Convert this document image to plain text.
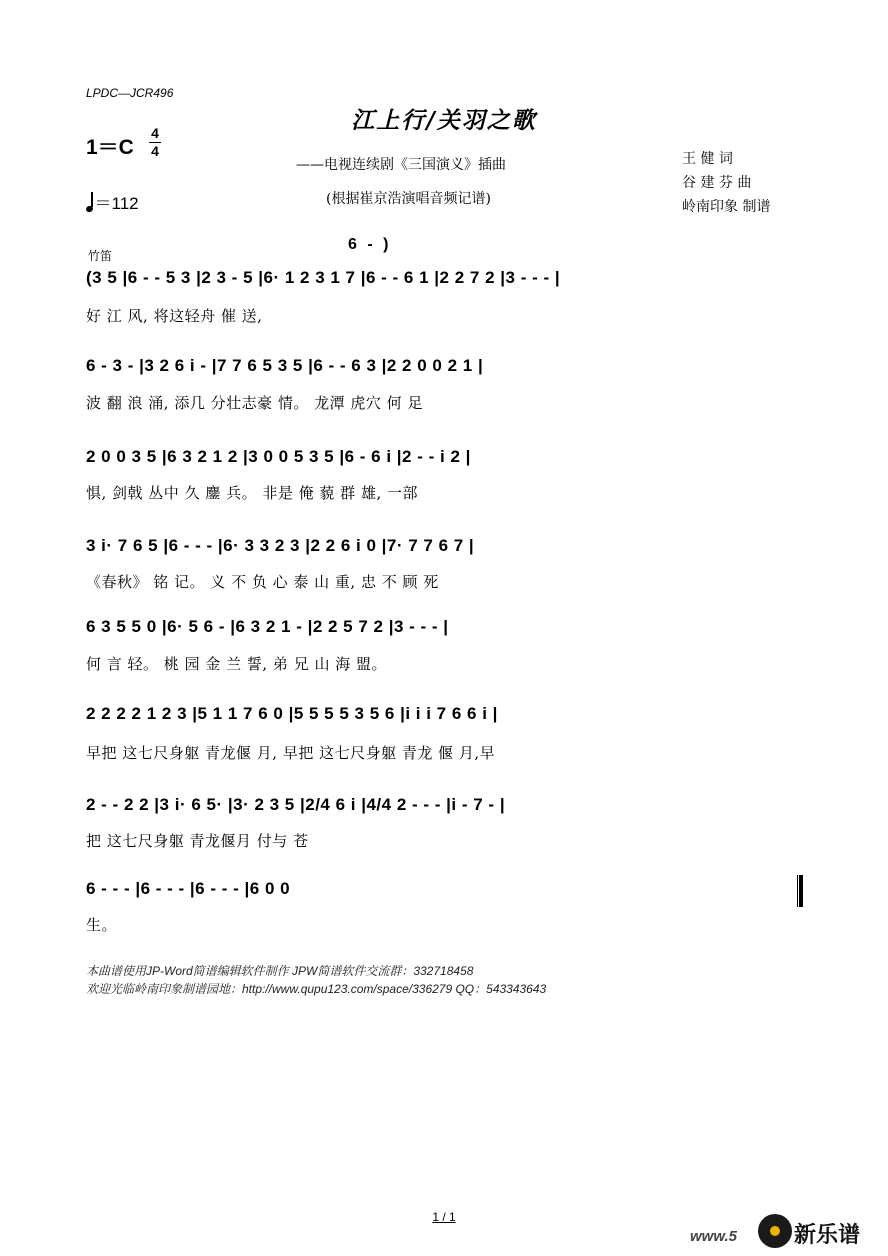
LPDC—JCR496
江上行/关羽之歌
——电视连续剧《三国演义》插曲
(根据崔京浩演唱音频记谱)
1＝C
4
4
＝112
王 健 词
谷 建 芬 曲
岭南印象 制谱
竹笛
6 - )
(3 5 |6 - - 5 3 |2 3 - 5 |6· 1 2 3 1 7 |6 - - 6 1 |2 2 7 2 |3 - - - |
好 江 风, 将这轻舟 催 送,
6 - 3 - |3 2 6 i - |7 7 6 5 3 5 |6 - - 6 3 |2 2 0 0 2 1 |
波 翻 浪 涌, 添几 分壮志豪 情。 龙潭 虎穴 何 足
2 0 0 3 5 |6 3 2 1 2 |3 0 0 5 3 5 |6 - 6 i |2 - - i 2 |
惧, 剑戟 丛中 久 鏖 兵。 非是 俺 藐 群 雄, 一部
3 i· 7 6 5 |6 - - - |6· 3 3 2 3 |2 2 6 i 0 |7· 7 7 6 7 |
《春秋》 铭 记。 义 不 负 心 泰 山 重, 忠 不 顾 死
6 3 5 5 0 |6· 5 6 - |6 3 2 1 - |2 2 5 7 2 |3 - - - |
何 言 轻。 桃 园 金 兰 誓, 弟 兄 山 海 盟。
2 2 2 2 1 2 3 |5 1 1 7 6 0 |5 5 5 5 3 5 6 |i i i 7 6 6 i |
早把 这七尺身躯 青龙偃 月, 早把 这七尺身躯 青龙 偃 月,早
2 - - 2 2 |3 i· 6 5· |3· 2 3 5 |2/4 6 i |4/4 2 - - - |i - 7 - |
把 这七尺身躯 青龙偃月 付与 苍
6 - - - |6 - - - |6 - - - |6 0 0
生。
本曲谱使用JP-Word简谱编辑软件制作 JPW简谱软件交流群：332718458
欢迎光临岭南印象制谱园地：http://www.qupu123.com/space/336279 QQ：543343643
1 / 1
www.5	新乐谱
